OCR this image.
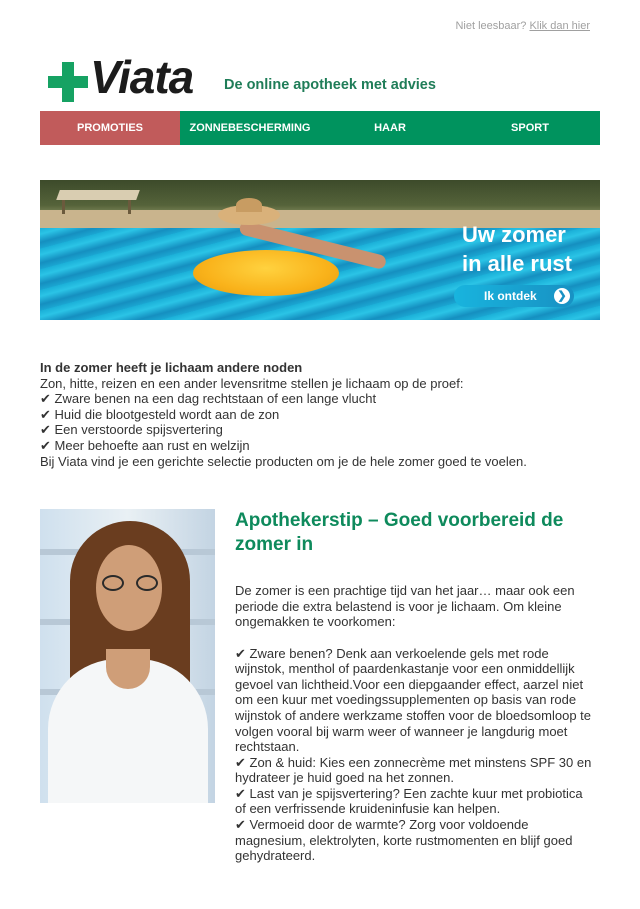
Niet leesbaar? Klik dan hier
Viata De online apotheek met advies
PROMOTIES	ZONNEBESCHERMING	HAAR	SPORT
Uw zomer
in alle rust
Ik ontdek	❯
In de zomer heeft je lichaam andere noden
Zon, hitte, reizen en een ander levensritme stellen je lichaam op de proef:
✔ Zware benen na een dag rechtstaan of een lange vlucht
✔ Huid die blootgesteld wordt aan de zon
✔ Een verstoorde spijsvertering
✔ Meer behoefte aan rust en welzijn
Bij Viata vind je een gerichte selectie producten om je de hele zomer goed te voelen.
Apothekerstip – Goed voorbereid de zomer in

De zomer is een prachtige tijd van het jaar… maar ook een periode die extra belastend is voor je lichaam. Om kleine ongemakken te voorkomen:

✔ Zware benen? Denk aan verkoelende gels met rode wijnstok, menthol of paardenkastanje voor een onmiddellijk gevoel van lichtheid.Voor een diepgaander effect, aarzel niet om een kuur met voedingssupplementen op basis van rode wijnstok of andere werkzame stoffen voor de bloedsomloop te volgen vooral bij warm weer of wanneer je langdurig moet rechtstaan.
✔ Zon & huid: Kies een zonnecrème met minstens SPF 30 en hydrateer je huid goed na het zonnen.
✔ Last van je spijsvertering? Een zachte kuur met probiotica of een verfrissende kruideninfusie kan helpen.
✔ Vermoeid door de warmte? Zorg voor voldoende magnesium, elektrolyten, korte rustmomenten en blijf goed gehydrateerd.
